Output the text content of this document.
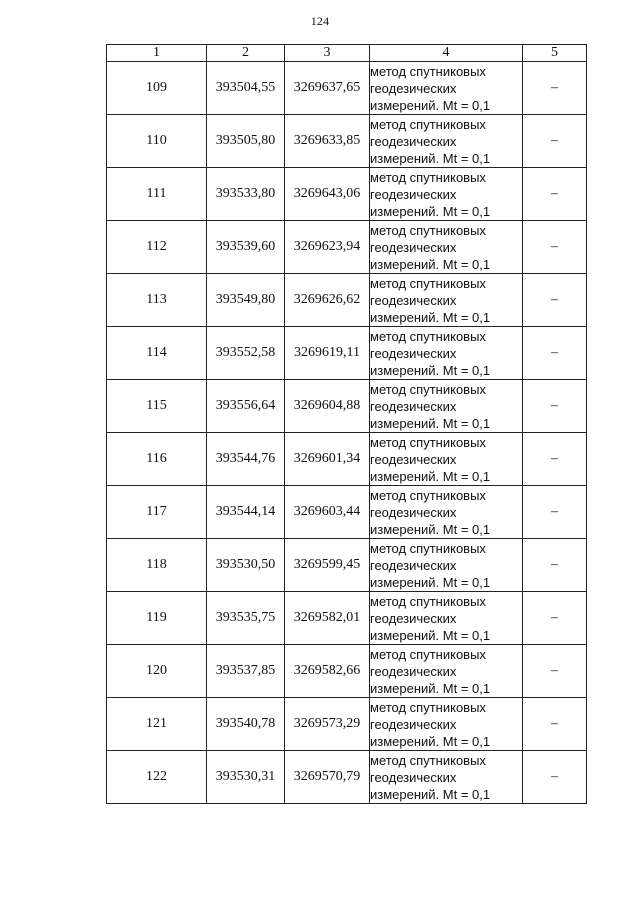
124
1	2	3	4	5
109	393504,55	3269637,65	метод спутниковых
геодезических
измерений. Mt = 0,1	–
110	393505,80	3269633,85	метод спутниковых
геодезических
измерений. Mt = 0,1	–
111	393533,80	3269643,06	метод спутниковых
геодезических
измерений. Mt = 0,1	–
112	393539,60	3269623,94	метод спутниковых
геодезических
измерений. Mt = 0,1	–
113	393549,80	3269626,62	метод спутниковых
геодезических
измерений. Mt = 0,1	–
114	393552,58	3269619,11	метод спутниковых
геодезических
измерений. Mt = 0,1	–
115	393556,64	3269604,88	метод спутниковых
геодезических
измерений. Mt = 0,1	–
116	393544,76	3269601,34	метод спутниковых
геодезических
измерений. Mt = 0,1	–
117	393544,14	3269603,44	метод спутниковых
геодезических
измерений. Mt = 0,1	–
118	393530,50	3269599,45	метод спутниковых
геодезических
измерений. Mt = 0,1	–
119	393535,75	3269582,01	метод спутниковых
геодезических
измерений. Mt = 0,1	–
120	393537,85	3269582,66	метод спутниковых
геодезических
измерений. Mt = 0,1	–
121	393540,78	3269573,29	метод спутниковых
геодезических
измерений. Mt = 0,1	–
122	393530,31	3269570,79	метод спутниковых
геодезических
измерений. Mt = 0,1	–
